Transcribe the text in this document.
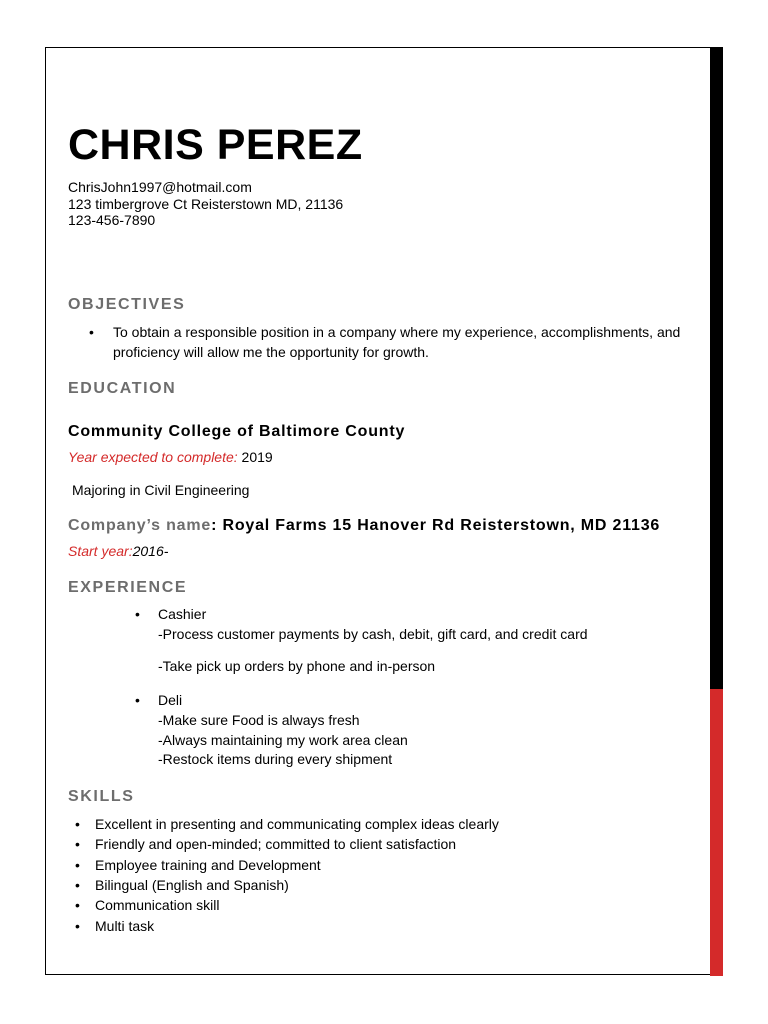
CHRIS PEREZ
ChrisJohn1997@hotmail.com
123 timbergrove Ct Reisterstown MD, 21136
123-456-7890
OBJECTIVES
• To obtain a responsible position in a company where my experience, accomplishments, and
proficiency will allow me the opportunity for growth.
EDUCATION
Community College of Baltimore County
Year expected to complete: 2019
Majoring in Civil Engineering
Company’s name: Royal Farms 15 Hanover Rd Reisterstown, MD 21136
Start year:2016-
EXPERIENCE
• Cashier
-Process customer payments by cash, debit, gift card, and credit card
-Take pick up orders by phone and in-person
• Deli
-Make sure Food is always fresh
-Always maintaining my work area clean
-Restock items during every shipment
SKILLS
• Excellent in presenting and communicating complex ideas clearly
• Friendly and open-minded; committed to client satisfaction
• Employee training and Development
• Bilingual (English and Spanish)
• Communication skill
• Multi task
